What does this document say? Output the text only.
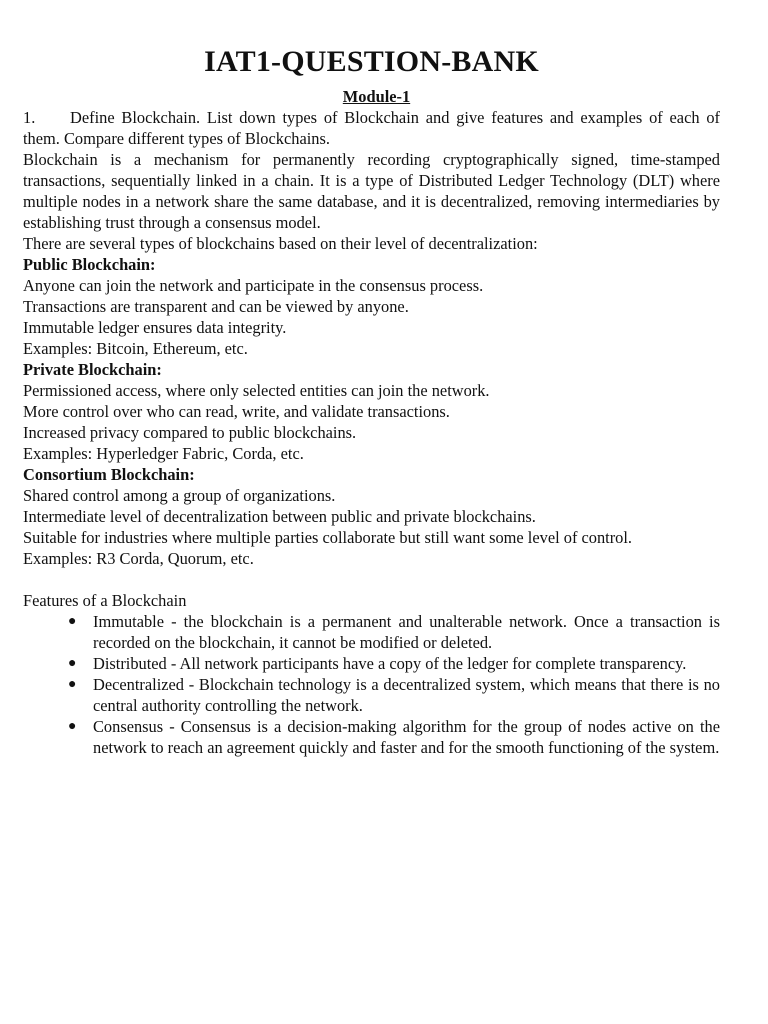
IAT1-QUESTION-BANK
Module-1

1. Define Blockchain. List down types of Blockchain and give features and examples of each of them. Compare different types of Blockchains.

Blockchain is a mechanism for permanently recording cryptographically signed, time-stamped transactions, sequentially linked in a chain. It is a type of Distributed Ledger Technology (DLT) where multiple nodes in a network share the same database, and it is decentralized, removing intermediaries by establishing trust through a consensus model.

There are several types of blockchains based on their level of decentralization:

Public Blockchain:

Anyone can join the network and participate in the consensus process.

Transactions are transparent and can be viewed by anyone.

Immutable ledger ensures data integrity.

Examples: Bitcoin, Ethereum, etc.

Private Blockchain:

Permissioned access, where only selected entities can join the network.

More control over who can read, write, and validate transactions.

Increased privacy compared to public blockchains.

Examples: Hyperledger Fabric, Corda, etc.

Consortium Blockchain:

Shared control among a group of organizations.

Intermediate level of decentralization between public and private blockchains.

Suitable for industries where multiple parties collaborate but still want some level of control.

Examples: R3 Corda, Quorum, etc.

Features of a Blockchain

● Immutable - the blockchain is a permanent and unalterable network. Once a transaction is recorded on the blockchain, it cannot be modified or deleted.
● Distributed - All network participants have a copy of the ledger for complete transparency.
● Decentralized - Blockchain technology is a decentralized system, which means that there is no central authority controlling the network.
● Consensus - Consensus is a decision-making algorithm for the group of nodes active on the network to reach an agreement quickly and faster and for the smooth functioning of the system.
